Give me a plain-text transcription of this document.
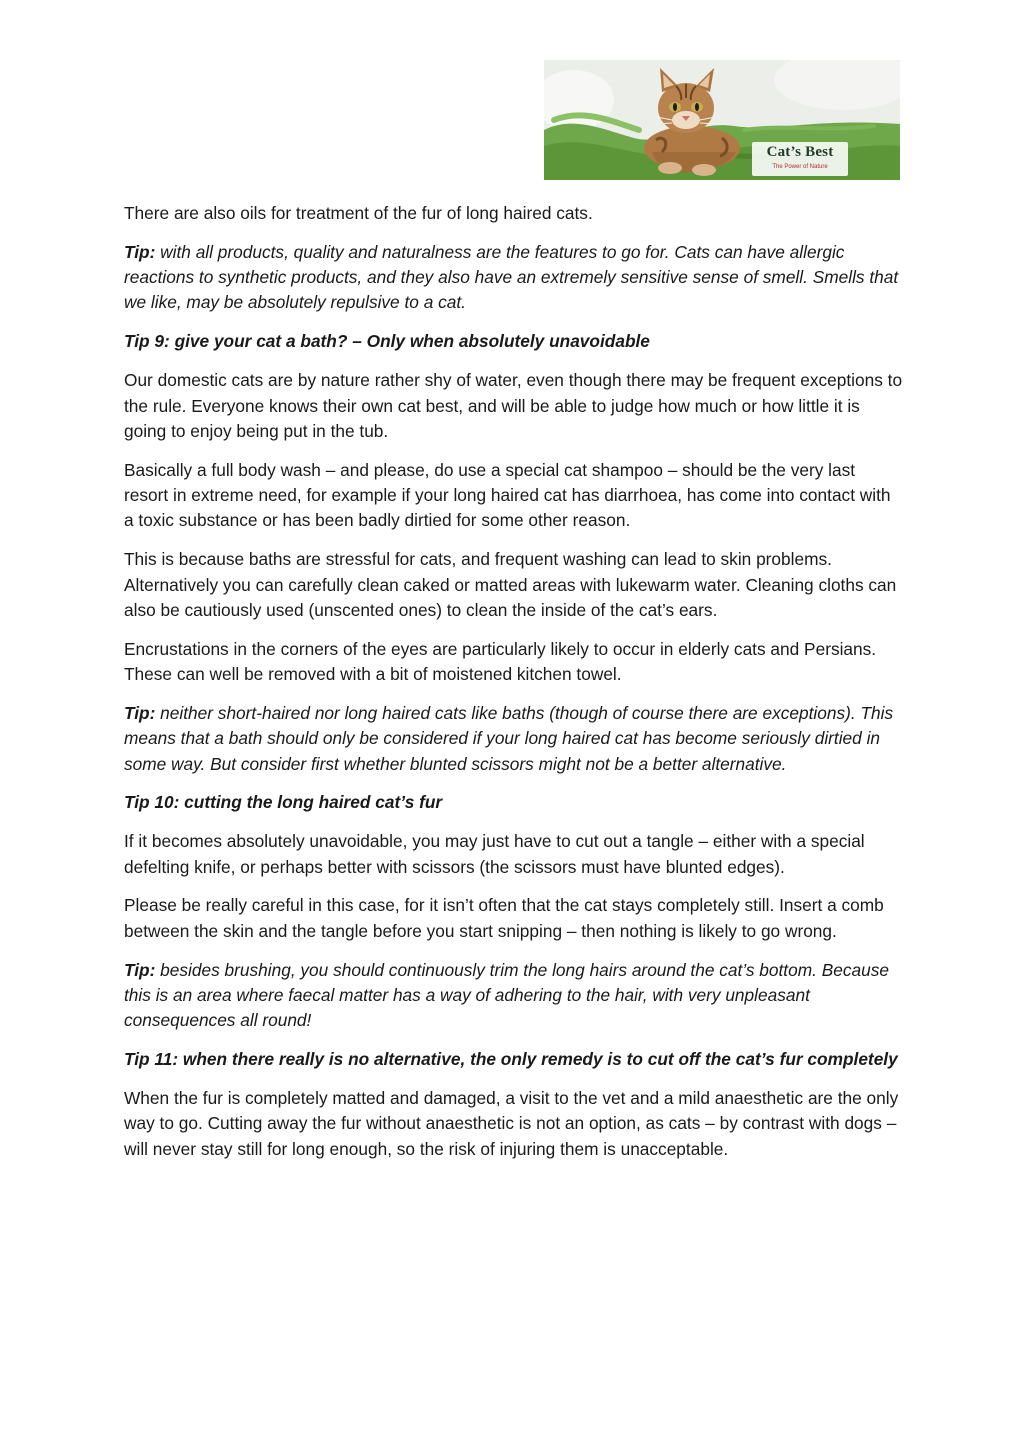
Cat’s Best
The Power of Nature

There are also oils for treatment of the fur of long haired cats.

Tip: with all products, quality and naturalness are the features to go for. Cats can have allergic reactions to synthetic products, and they also have an extremely sensitive sense of smell. Smells that we like, may be absolutely repulsive to a cat.

Tip 9: give your cat a bath? – Only when absolutely unavoidable

Our domestic cats are by nature rather shy of water, even though there may be frequent exceptions to the rule. Everyone knows their own cat best, and will be able to judge how much or how little it is going to enjoy being put in the tub.

Basically a full body wash – and please, do use a special cat shampoo – should be the very last resort in extreme need, for example if your long haired cat has diarrhoea, has come into contact with a toxic substance or has been badly dirtied for some other reason.

This is because baths are stressful for cats, and frequent washing can lead to skin problems. Alternatively you can carefully clean caked or matted areas with lukewarm water. Cleaning cloths can also be cautiously used (unscented ones) to clean the inside of the cat’s ears.

Encrustations in the corners of the eyes are particularly likely to occur in elderly cats and Persians. These can well be removed with a bit of moistened kitchen towel.

Tip: neither short-haired nor long haired cats like baths (though of course there are exceptions). This means that a bath should only be considered if your long haired cat has become seriously dirtied in some way. But consider first whether blunted scissors might not be a better alternative.

Tip 10: cutting the long haired cat’s fur

If it becomes absolutely unavoidable, you may just have to cut out a tangle – either with a special defelting knife, or perhaps better with scissors (the scissors must have blunted edges).

Please be really careful in this case, for it isn’t often that the cat stays completely still. Insert a comb between the skin and the tangle before you start snipping – then nothing is likely to go wrong.

Tip: besides brushing, you should continuously trim the long hairs around the cat’s bottom. Because this is an area where faecal matter has a way of adhering to the hair, with very unpleasant consequences all round!

Tip 11: when there really is no alternative, the only remedy is to cut off the cat’s fur completely

When the fur is completely matted and damaged, a visit to the vet and a mild anaesthetic are the only way to go. Cutting away the fur without anaesthetic is not an option, as cats – by contrast with dogs – will never stay still for long enough, so the risk of injuring them is unacceptable.
